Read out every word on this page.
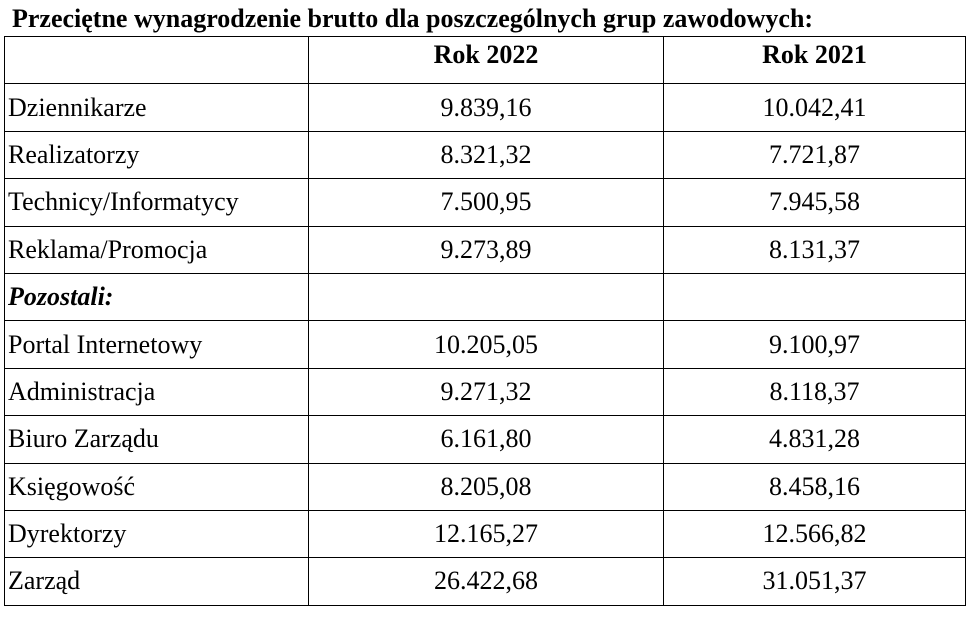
Przeciętne wynagrodzenie brutto dla poszczególnych grup zawodowych:
	Rok 2022	Rok 2021
Dziennikarze	9.839,16	10.042,41
Realizatorzy	8.321,32	7.721,87
Technicy/Informatycy	7.500,95	7.945,58
Reklama/Promocja	9.273,89	8.131,37
Pozostali:		
Portal Internetowy	10.205,05	9.100,97
Administracja	9.271,32	8.118,37
Biuro Zarządu	6.161,80	4.831,28
Księgowość	8.205,08	8.458,16
Dyrektorzy	12.165,27	12.566,82
Zarząd	26.422,68	31.051,37
